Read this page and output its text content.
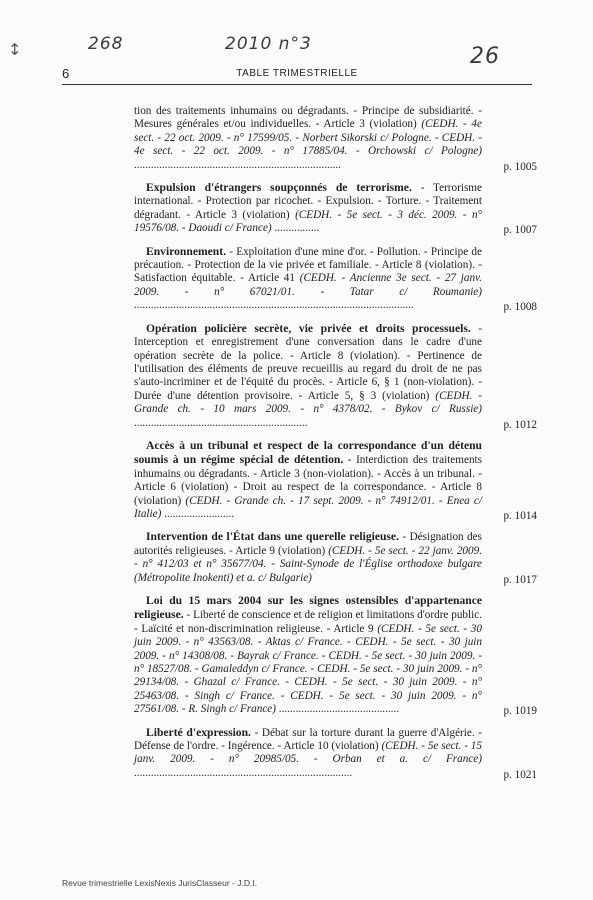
↕	268	2010 n°3	26
6	TABLE TRIMESTRIELLE

tion des traitements inhumains ou dégradants. - Principe de subsidiarité. - Mesures générales et/ou individuelles. - Article 3 (violation) (CEDH. - 4e sect. - 22 oct. 2009. - n° 17599/05. - Norbert Sikorski c/ Pologne. - CEDH. - 4e sect. - 22 oct. 2009. - n° 17885/04. - Orchowski c/ Pologne) ..........................................................................	p. 1005

Expulsion d'étrangers soupçonnés de terrorisme. - Terrorisme international. - Protection par ricochet. - Expulsion. - Torture. - Traitement dégradant. - Article 3 (violation) (CEDH. - 5e sect. - 3 déc. 2009. - n° 19576/08. - Daoudi c/ France) ................	p. 1007

Environnement. - Exploitation d'une mine d'or. - Pollution. - Principe de précaution. - Protection de la vie privée et familiale. - Article 8 (violation). - Satisfaction équitable. - Article 41 (CEDH. - Ancienne 3e sect. - 27 janv. 2009. - n° 67021/01. - Tatar c/ Roumanie) ....................................................................................................	p. 1008

Opération policière secrète, vie privée et droits processuels. - Interception et enregistrement d'une conversation dans le cadre d'une opération secrète de la police. - Article 8 (violation). - Pertinence de l'utilisation des éléments de preuve recueillis au regard du droit de ne pas s'auto-incriminer et de l'équité du procès. - Article 6, § 1 (non-violation). - Durée d'une détention provisoire. - Article 5, § 3 (violation) (CEDH. - Grande ch. - 10 mars 2009. - n° 4378/02. - Bykov c/ Russie) ..............................................................	p. 1012

Accès à un tribunal et respect de la correspondance d'un détenu soumis à un régime spécial de détention. - Interdiction des traitements inhumains ou dégradants. - Article 3 (non-violation). - Accès à un tribunal. - Article 6 (violation) - Droit au respect de la correspondance. - Article 8 (violation) (CEDH. - Grande ch. - 17 sept. 2009. - n° 74912/01. - Enea c/ Italie) .........................	p. 1014

Intervention de l'État dans une querelle religieuse. - Désignation des autorités religieuses. - Article 9 (violation) (CEDH. - 5e sect. - 22 janv. 2009. - n° 412/03 et n° 35677/04. - Saint-Synode de l'Église orthodoxe bulgare (Métropolite Inokenti) et a. c/ Bulgarie)	p. 1017

Loi du 15 mars 2004 sur les signes ostensibles d'appartenance religieuse. - Liberté de conscience et de religion et limitations d'ordre public. - Laïcité et non-discrimination religieuse. - Article 9 (CEDH. - 5e sect. - 30 juin 2009. - n° 43563/08. - Aktas c/ France. - CEDH. - 5e sect. - 30 juin 2009. - n° 14308/08. - Bayrak c/ France. - CEDH. - 5e sect. - 30 juin 2009. - n° 18527/08. - Gamaleddyn c/ France. - CEDH. - 5e sect. - 30 juin 2009. - n° 29134/08. - Ghazal c/ France. - CEDH. - 5e sect. - 30 juin 2009. - n° 25463/08. - Singh c/ France. - CEDH. - 5e sect. - 30 juin 2009. - n° 27561/08. - R. Singh c/ France) ...........................................	p. 1019

Liberté d'expression. - Débat sur la torture durant la guerre d'Algérie. - Défense de l'ordre. - Ingérence. - Article 10 (violation) (CEDH. - 5e sect. - 15 janv. 2009. - n° 20985/05. - Orban et a. c/ France) ..............................................................................	p. 1021
Revue trimestrielle LexisNexis JurisClasseur - J.D.I.
